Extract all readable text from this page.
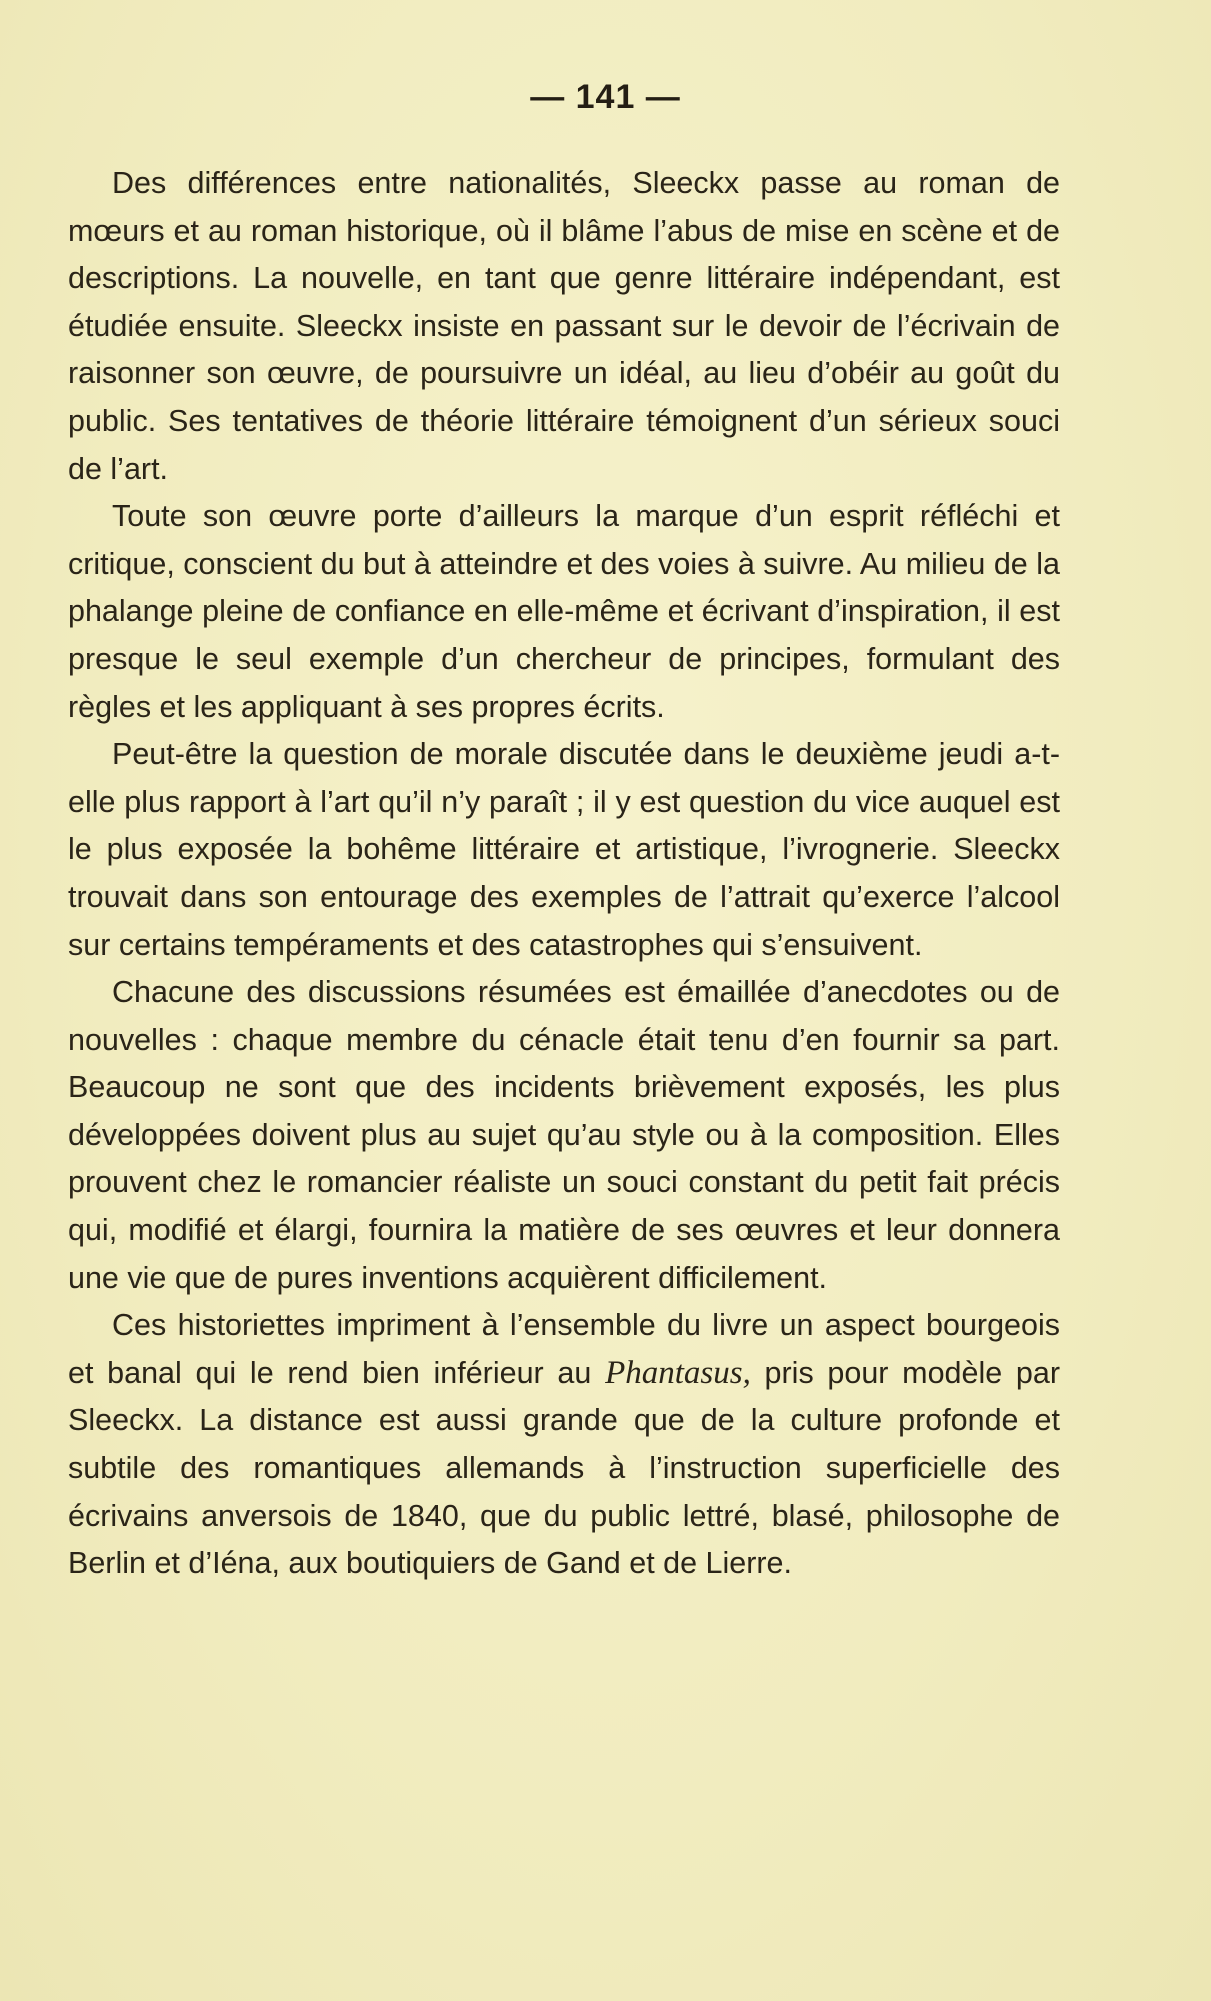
— 141 —

Des différences entre nationalités, Sleeckx passe au roman de mœurs et au roman historique, où il blâme l’abus de mise en scène et de descriptions. La nouvelle, en tant que genre littéraire indépendant, est étudiée ensuite. Sleeckx insiste en passant sur le devoir de l’écrivain de raisonner son œuvre, de poursuivre un idéal, au lieu d’obéir au goût du public. Ses tentatives de théorie littéraire témoignent d’un sérieux souci de l’art.

Toute son œuvre porte d’ailleurs la marque d’un esprit réfléchi et critique, conscient du but à atteindre et des voies à suivre. Au milieu de la phalange pleine de confiance en elle-même et écrivant d’inspiration, il est presque le seul exemple d’un chercheur de principes, formulant des règles et les appliquant à ses propres écrits.

Peut-être la question de morale discutée dans le deuxième jeudi a-t-elle plus rapport à l’art qu’il n’y paraît ; il y est question du vice auquel est le plus exposée la bohême littéraire et artistique, l’ivrognerie. Sleeckx trouvait dans son entourage des exemples de l’attrait qu’exerce l’alcool sur certains tempéraments et des catastrophes qui s’ensuivent.

Chacune des discussions résumées est émaillée d’anecdotes ou de nouvelles : chaque membre du cénacle était tenu d’en fournir sa part. Beaucoup ne sont que des incidents brièvement exposés, les plus développées doivent plus au sujet qu’au style ou à la composition. Elles prouvent chez le romancier réaliste un souci constant du petit fait précis qui, modifié et élargi, fournira la matière de ses œuvres et leur donnera une vie que de pures inventions acquièrent difficilement.

Ces historiettes impriment à l’ensemble du livre un aspect bourgeois et banal qui le rend bien inférieur au Phantasus, pris pour modèle par Sleeckx. La distance est aussi grande que de la culture profonde et subtile des romantiques allemands à l’instruction superficielle des écrivains anversois de 1840, que du public lettré, blasé, philosophe de Berlin et d’Iéna, aux boutiquiers de Gand et de Lierre.
